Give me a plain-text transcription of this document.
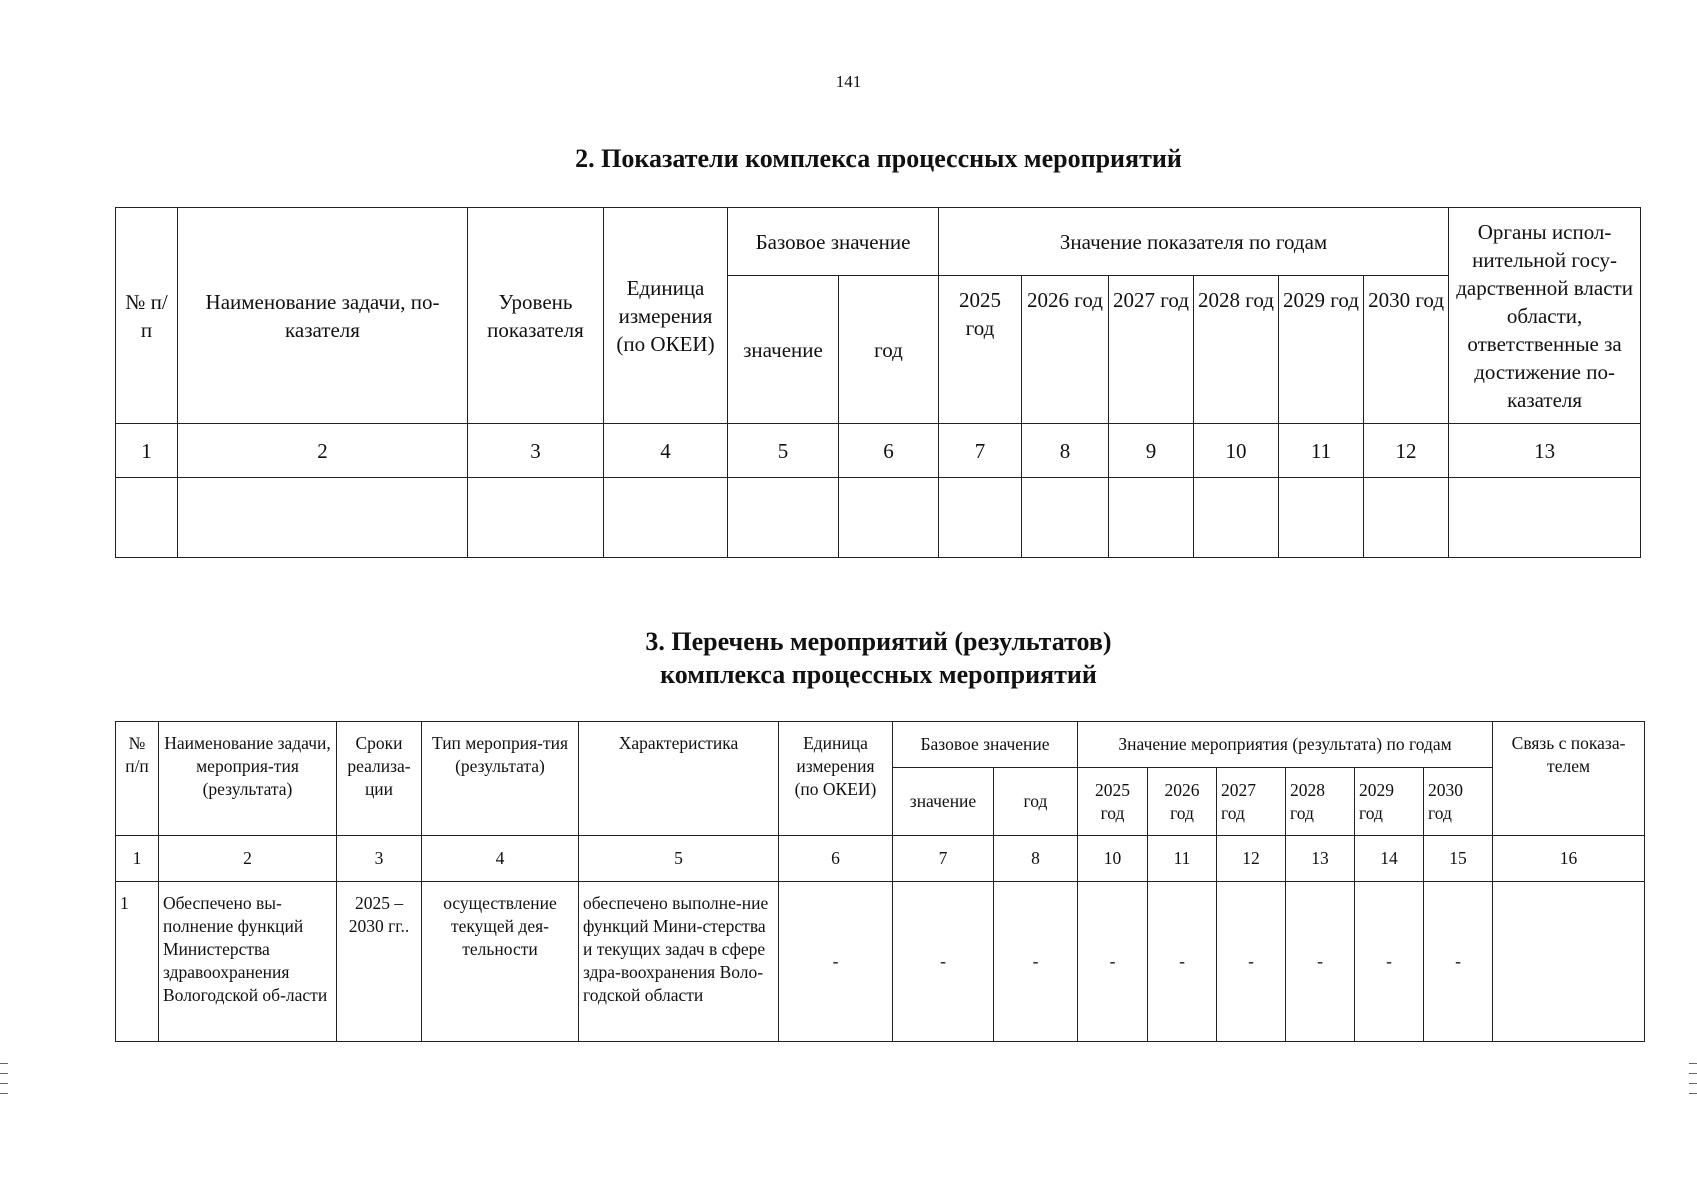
141
2. Показатели комплекса процессных мероприятий
№ п/п	Наименование задачи, по-казателя	Уровень показателя	Единица измерения (по ОКЕИ)	Базовое значение		Значение показателя по годам						Органы испол-нительной госу-дарственной власти области, ответственные за достижение по-казателя
				значение	год	2025 год	2026 год	2027 год	2028 год	2029 год	2030 год	
1	2	3	4	5	6	7	8	9	10	11	12	13

3. Перечень мероприятий (результатов)
комплекса процессных мероприятий
№ п/п	Наименование задачи, мероприя-тия (результата)	Сроки реализа-ции	Тип мероприя-тия (результата)	Характеристика	Единица измерения (по ОКЕИ)	Базовое значение		Значение мероприятия (результата) по годам						Связь с показа-телем
						значение	год	2025 год	2026 год	2027 год	2028 год	2029 год	2030 год	
1	2	3	4	5	6	7	8	10	11	12	13	14	15	16
1	Обеспечено вы-полнение функций Министерства здравоохранения Вологодской об-ласти	2025 – 2030 гг..	осуществление текущей дея-тельности	обеспечено выполне-ние функций Мини-стерства и текущих задач в сфере здра-воохранения Воло-годской области	-	-	-	-	-	-	-	-	-	
